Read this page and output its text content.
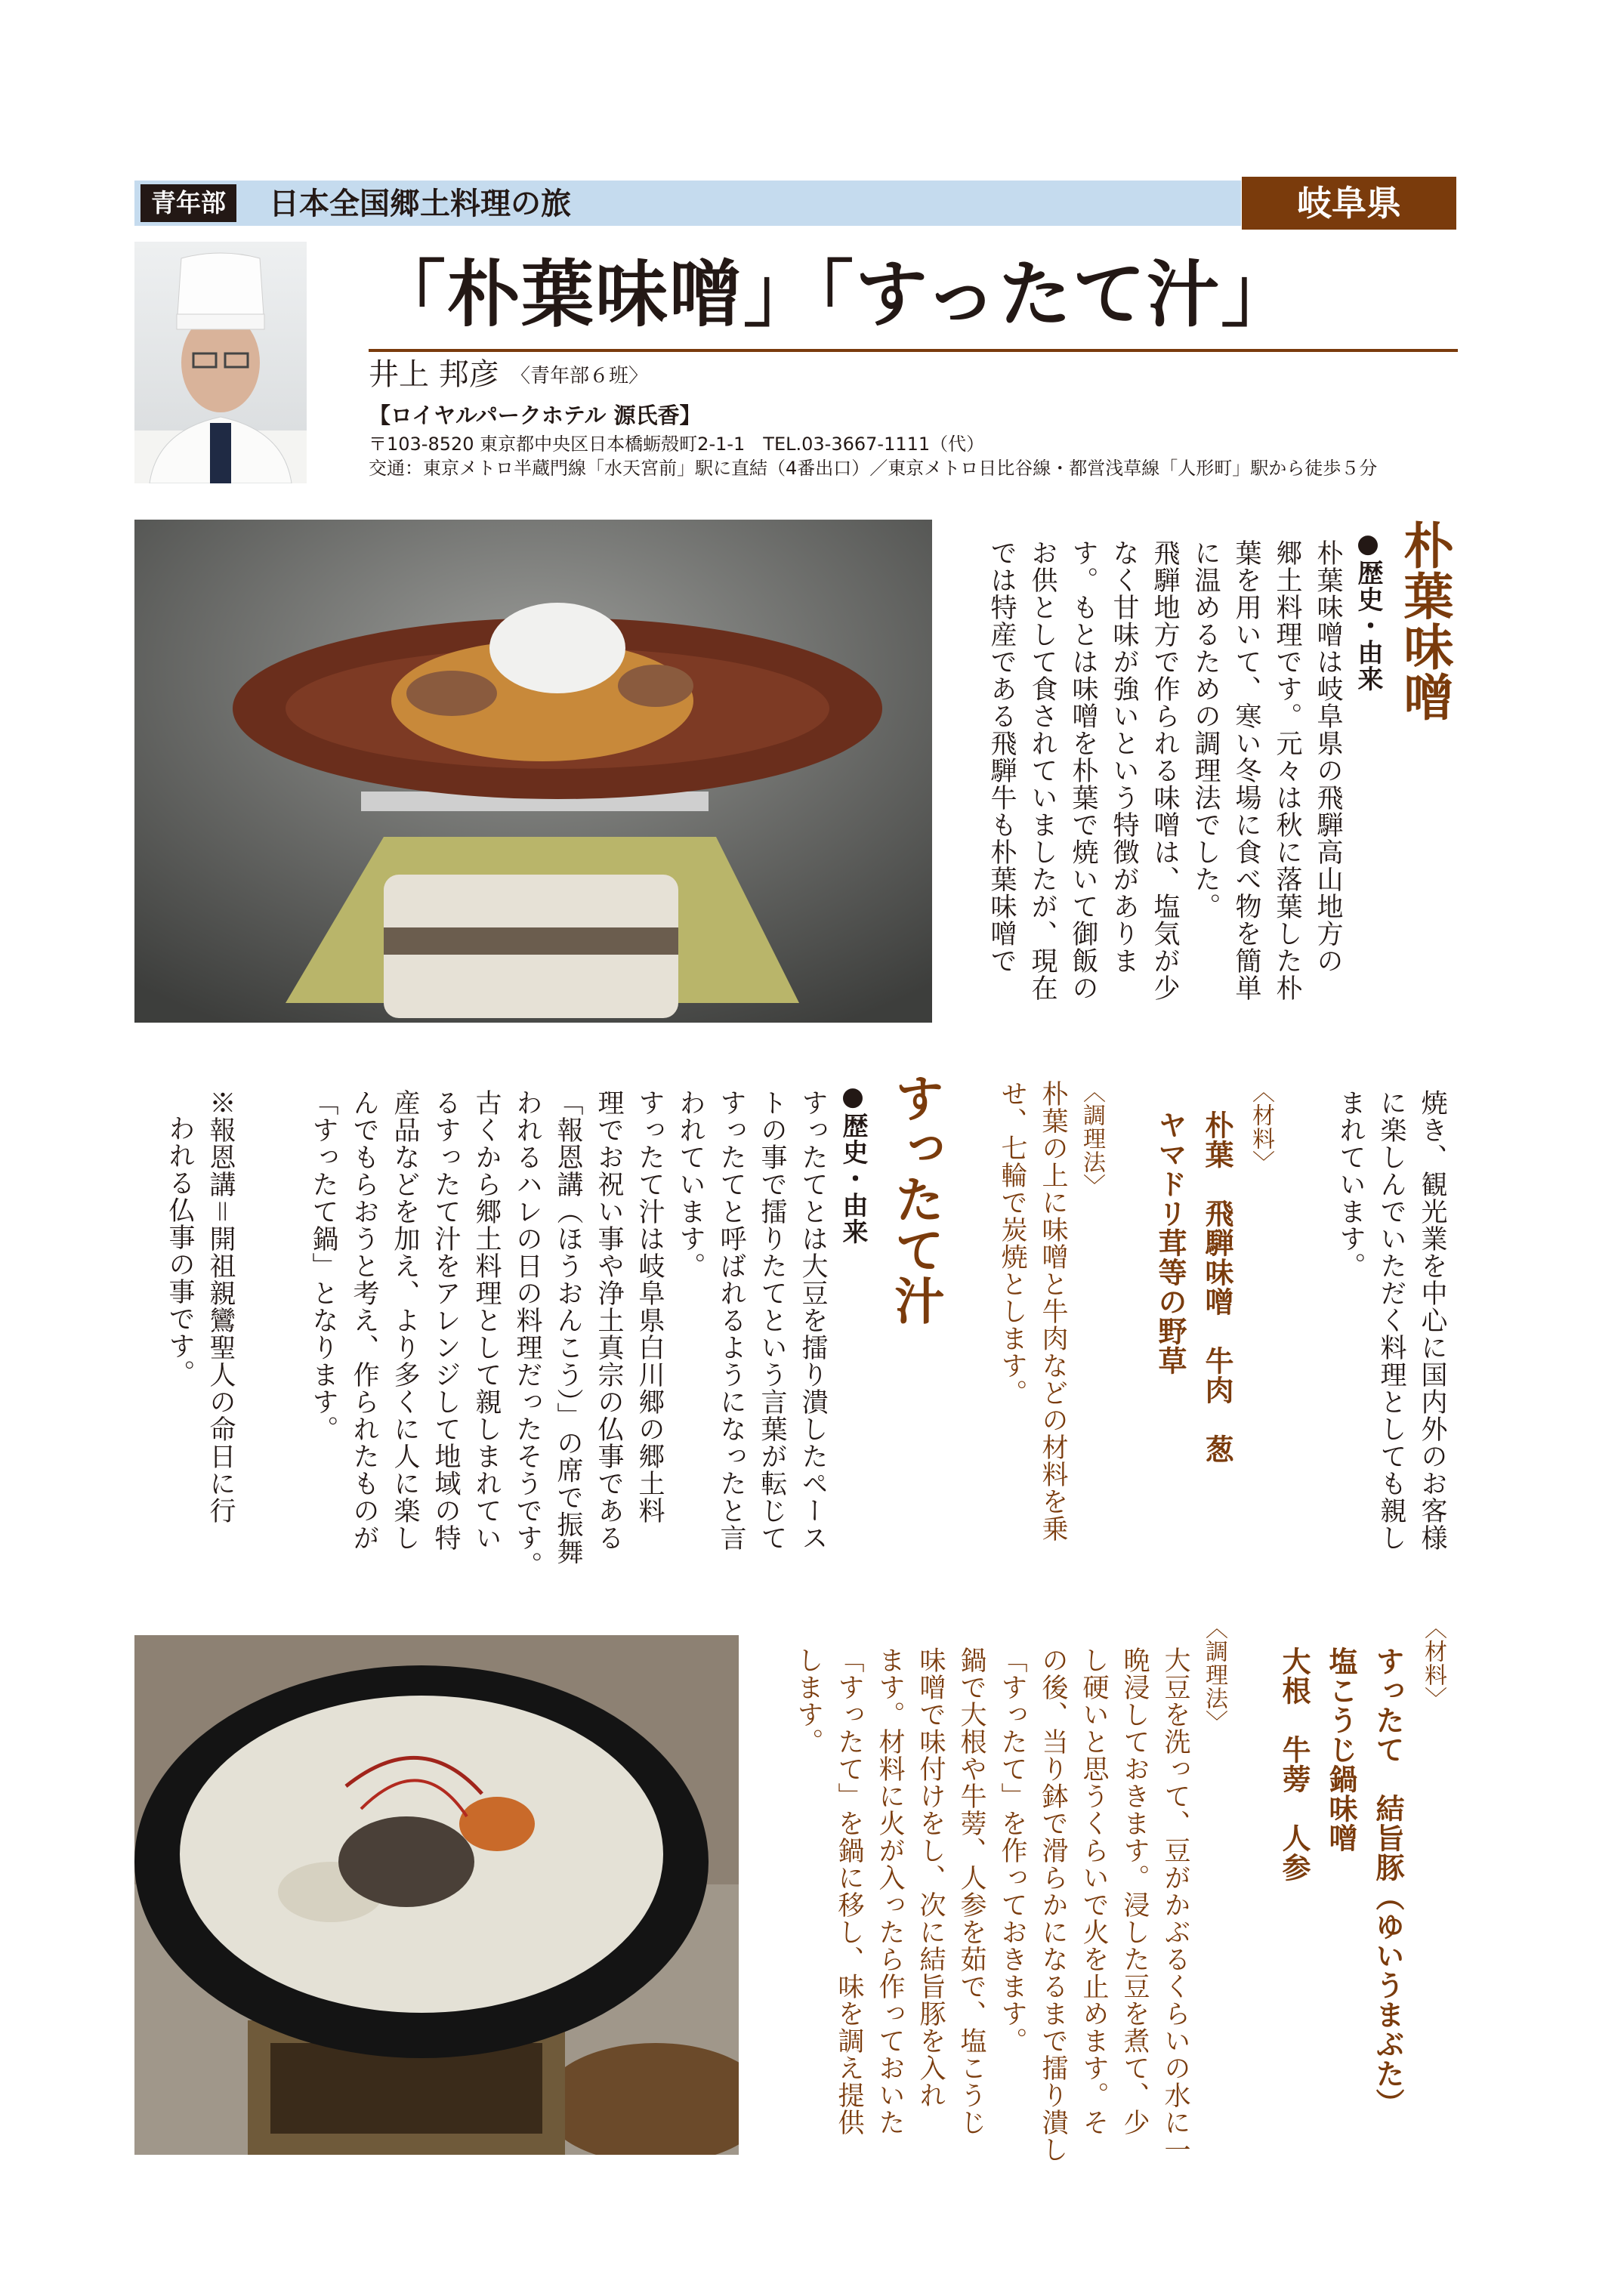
青年部	日本全国郷土料理の旅	岐阜県
「朴葉味噌」「すったて汁」
井上 邦彦 〈青年部６班〉
【ロイヤルパークホテル 源氏香】
〒103-8520 東京都中央区日本橋蛎殻町2-1-1　TEL.03-3667-1111（代）
交通：東京メトロ半蔵門線「水天宮前」駅に直結（4番出口）／東京メトロ日比谷線・都営浅草線「人形町」駅から徒歩５分
朴葉味噌
●歴史・由来
朴葉味噌は岐阜県の飛騨高山地方の
郷土料理です。元々は秋に落葉した朴
葉を用いて、寒い冬場に食べ物を簡単
に温めるための調理法でした。
飛騨地方で作られる味噌は、塩気が少
なく甘味が強いという特徴がありま
す。もとは味噌を朴葉で焼いて御飯の
お供として食されていましたが、現在
では特産である飛騨牛も朴葉味噌で
焼き、観光業を中心に国内外のお客様
に楽しんでいただく料理としても親し
まれています。
〈材料〉
朴葉　飛騨味噌　牛肉　葱
ヤマドリ茸等の野草
〈調理法〉
朴葉の上に味噌と牛肉などの材料を乗
せ、七輪で炭焼とします。
すったて汁
●歴史・由来
すったてとは大豆を擂り潰したペース
トの事で擂りたてという言葉が転じて
すったてと呼ばれるようになったと言
われています。
すったて汁は岐阜県白川郷の郷土料
理でお祝い事や浄土真宗の仏事である
「報恩講（ほうおんこう）」の席で振舞
われるハレの日の料理だったそうです。
古くから郷土料理として親しまれてい
るすったて汁をアレンジして地域の特
産品などを加え、より多くに人に楽し
んでもらおうと考え、作られたものが
「すったて鍋」となります。
※報恩講＝開祖親鸞聖人の命日に行
われる仏事の事です。
〈材料〉
すったて　結旨豚（ゆいうまぶた）
塩こうじ鍋味噌
大根　牛蒡　人参
〈調理法〉
大豆を洗って、豆がかぶるくらいの水に一
晩浸しておきます。浸した豆を煮て、少
し硬いと思うくらいで火を止めます。そ
の後、当り鉢で滑らかになるまで擂り潰し
「すったて」を作っておきます。
鍋で大根や牛蒡、人参を茹で、塩こうじ
味噌で味付けをし、次に結旨豚を入れ
ます。材料に火が入ったら作っておいた
「すったて」を鍋に移し、味を調え提供
します。
